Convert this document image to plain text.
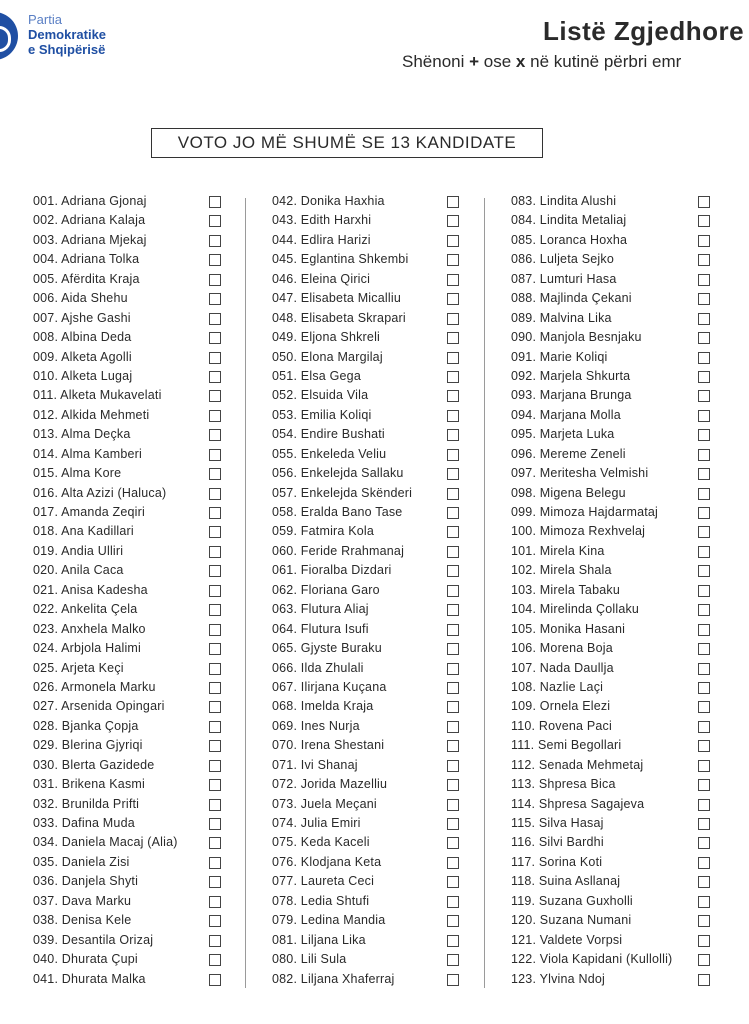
Partia
Demokratike
e Shqipërisë
Listë Zgjedhore
Shënoni + ose x në kutinë përbri emr
VOTO JO MË SHUMË SE 13 KANDIDATE
001. Adriana Gjonaj
002. Adriana Kalaja
003. Adriana Mjekaj
004. Adriana Tolka
005. Afërdita Kraja
006. Aida Shehu
007. Ajshe Gashi
008. Albina Deda
009. Alketa Agolli
010. Alketa Lugaj
011. Alketa Mukavelati
012. Alkida Mehmeti
013. Alma Deçka
014. Alma Kamberi
015. Alma Kore
016. Alta Azizi (Haluca)
017. Amanda Zeqiri
018. Ana Kadillari
019. Andia Ulliri
020. Anila Caca
021. Anisa Kadesha
022. Ankelita Çela
023. Anxhela Malko
024. Arbjola Halimi
025. Arjeta Keçi
026. Armonela Marku
027. Arsenida Opingari
028. Bjanka Çopja
029. Blerina Gjyriqi
030. Blerta Gazidede
031. Brikena Kasmi
032. Brunilda Prifti
033. Dafina Muda
034. Daniela Macaj (Alia)
035. Daniela Zisi
036. Danjela Shyti
037. Dava Marku
038. Denisa Kele
039. Desantila Orizaj
040. Dhurata Çupi
041. Dhurata Malka
042. Donika Haxhia
043. Edith Harxhi
044. Edlira Harizi
045. Eglantina Shkembi
046. Eleina Qirici
047. Elisabeta Micalliu
048. Elisabeta Skrapari
049. Eljona Shkreli
050. Elona Margilaj
051. Elsa Gega
052. Elsuida Vila
053. Emilia Koliqi
054. Endire Bushati
055. Enkeleda Veliu
056. Enkelejda Sallaku
057. Enkelejda Skënderi
058. Eralda Bano Tase
059. Fatmira Kola
060. Feride Rrahmanaj
061. Fioralba Dizdari
062. Floriana Garo
063. Flutura Aliaj
064. Flutura Isufi
065. Gjyste Buraku
066. Ilda Zhulali
067. Ilirjana Kuçana
068. Imelda Kraja
069. Ines Nurja
070. Irena Shestani
071. Ivi Shanaj
072. Jorida Mazelliu
073. Juela Meçani
074. Julia Emiri
075. Keda Kaceli
076. Klodjana Keta
077. Laureta Ceci
078. Ledia Shtufi
079. Ledina Mandia
081. Liljana Lika
080. Lili Sula
082. Liljana Xhaferraj
083. Lindita Alushi
084. Lindita Metaliaj
085. Loranca Hoxha
086. Luljeta Sejko
087. Lumturi Hasa
088. Majlinda Çekani
089. Malvina Lika
090. Manjola Besnjaku
091. Marie Koliqi
092. Marjela Shkurta
093. Marjana Brunga
094. Marjana Molla
095. Marjeta Luka
096. Mereme Zeneli
097. Meritesha Velmishi
098. Migena Belegu
099. Mimoza Hajdarmataj
100. Mimoza Rexhvelaj
101. Mirela Kina
102. Mirela Shala
103. Mirela Tabaku
104. Mirelinda Çollaku
105. Monika Hasani
106. Morena Boja
107. Nada Daullja
108. Nazlie Laçi
109. Ornela Elezi
110. Rovena Paci
111. Semi Begollari
112. Senada Mehmetaj
113. Shpresa Bica
114. Shpresa Sagajeva
115. Silva Hasaj
116. Silvi Bardhi
117. Sorina Koti
118. Suina Asllanaj
119. Suzana Guxholli
120. Suzana Numani
121. Valdete Vorpsi
122. Viola Kapidani (Kullolli)
123. Ylvina Ndoj
